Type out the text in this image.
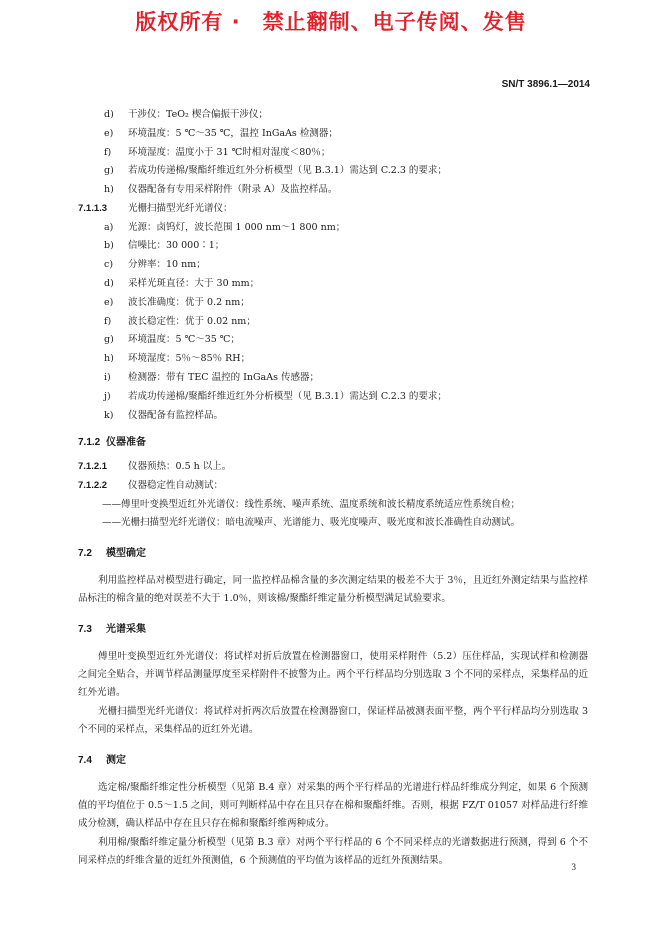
版权所有 ·　禁止翻制、电子传阅、发售
SN/T 3896.1—2014
d)	干涉仪：TeO₂ 楔合偏振干涉仪；
e)	环境温度：5 ℃～35 ℃，温控 InGaAs 检测器；
f)	环境湿度：温度小于 31 ℃时相对湿度＜80％；
g)	若成功传递棉/聚酯纤维近红外分析模型（见 B.3.1）需达到 C.2.3 的要求；
h)	仪器配备有专用采样附件（附录 A）及监控样品。
7.1.1.3 光栅扫描型光纤光谱仪：
a)	光源：卤钨灯，波长范围 1 000 nm～1 800 nm；
b)	信噪比：30 000∶1；
c)	分辨率：10 nm；
d)	采样光斑直径：大于 30 mm；
e)	波长准确度：优于 0.2 nm；
f)	波长稳定性：优于 0.02 nm；
g)	环境温度：5 ℃～35 ℃；
h)	环境湿度：5％～85％ RH；
i)	检测器：带有 TEC 温控的 InGaAs 传感器；
j)	若成功传递棉/聚酯纤维近红外分析模型（见 B.3.1）需达到 C.2.3 的要求；
k)	仪器配备有监控样品。
7.1.2 仪器准备
7.1.2.1 仪器预热：0.5 h 以上。
7.1.2.2 仪器稳定性自动测试：
——傅里叶变换型近红外光谱仪：线性系统、噪声系统、温度系统和波长精度系统适应性系统自检；
——光栅扫描型光纤光谱仪：暗电流噪声、光谱能力、吸光度噪声、吸光度和波长准确性自动测试。
7.2 模型确定
利用监控样品对模型进行确定，同一监控样品棉含量的多次测定结果的极差不大于 3％，且近红外测定结果与监控样品标注的棉含量的绝对误差不大于 1.0％，则该棉/聚酯纤维定量分析模型满足试验要求。
7.3 光谱采集
傅里叶变换型近红外光谱仪：将试样对折后放置在检测器窗口，使用采样附件（5.2）压住样品，实现试样和检测器之间完全贴合，并调节样品测量厚度至采样附件不披警为止。两个平行样品均分别选取 3 个不同的采样点，采集样品的近红外光谱。
光栅扫描型光纤光谱仪：将试样对折两次后放置在检测器窗口，保证样品被测表面平整，两个平行样品均分别选取 3 个不同的采样点，采集样品的近红外光谱。
7.4 测定
选定棉/聚酯纤维定性分析模型（见第 B.4 章）对采集的两个平行样品的光谱进行样品纤维成分判定，如果 6 个预测值的平均值位于 0.5～1.5 之间，则可判断样品中存在且只存在棉和聚酯纤维。否则，根据 FZ/T 01057 对样品进行纤维成分检测，确认样品中存在且只存在棉和聚酯纤维两种成分。
利用棉/聚酯纤维定量分析模型（见第 B.3 章）对两个平行样品的 6 个不同采样点的光谱数据进行预测，得到 6 个不同采样点的纤维含量的近红外预测值，6 个预测值的平均值为该样品的近红外预测结果。
3
